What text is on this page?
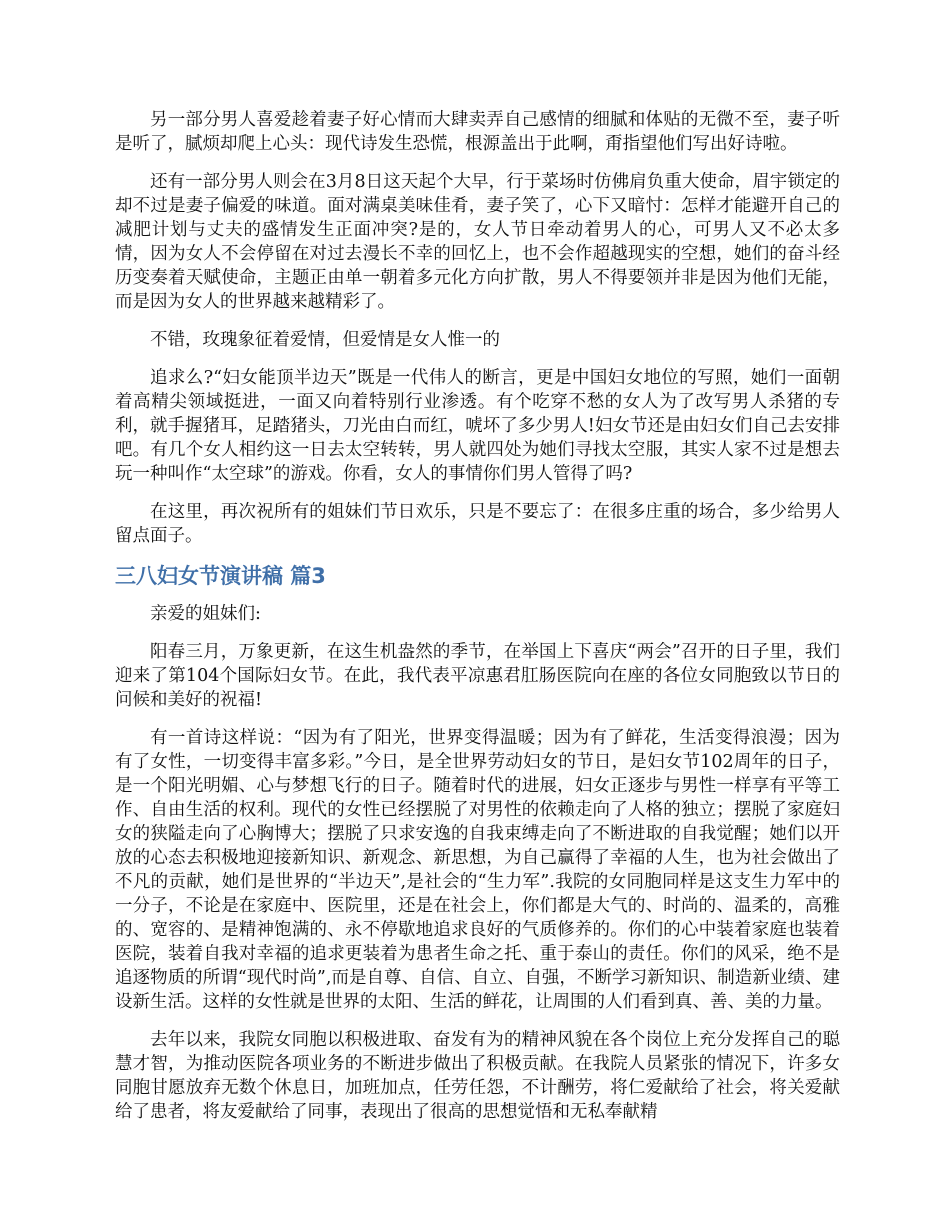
另一部分男人喜爱趁着妻子好心情而大肆卖弄自己感情的细腻和体贴的无微不至，妻子听是听了，腻烦却爬上心头：现代诗发生恐慌，根源盖出于此啊，甭指望他们写出好诗啦。

还有一部分男人则会在3月8日这天起个大早，行于菜场时仿佛肩负重大使命，眉宇锁定的却不过是妻子偏爱的味道。面对满桌美味佳肴，妻子笑了，心下又暗忖：怎样才能避开自己的减肥计划与丈夫的盛情发生正面冲突?是的，女人节日牵动着男人的心，可男人又不必太多情，因为女人不会停留在对过去漫长不幸的回忆上，也不会作超越现实的空想，她们的奋斗经历变奏着天赋使命，主题正由单一朝着多元化方向扩散，男人不得要领并非是因为他们无能，而是因为女人的世界越来越精彩了。

不错，玫瑰象征着爱情，但爱情是女人惟一的

追求么?“妇女能顶半边天”既是一代伟人的断言，更是中国妇女地位的写照，她们一面朝着高精尖领域挺进，一面又向着特别行业渗透。有个吃穿不愁的女人为了改写男人杀猪的专利，就手握猪耳，足踏猪头，刀光由白而红，唬坏了多少男人!妇女节还是由妇女们自己去安排吧。有几个女人相约这一日去太空转转，男人就四处为她们寻找太空服，其实人家不过是想去玩一种叫作“太空球”的游戏。你看，女人的事情你们男人管得了吗?

在这里，再次祝所有的姐妹们节日欢乐，只是不要忘了：在很多庄重的场合，多少给男人留点面子。

三八妇女节演讲稿 篇3

亲爱的姐妹们:

阳春三月，万象更新，在这生机盎然的季节，在举国上下喜庆“两会”召开的日子里，我们迎来了第104个国际妇女节。在此，我代表平凉惠君肛肠医院向在座的各位女同胞致以节日的问候和美好的祝福!

有一首诗这样说：“因为有了阳光，世界变得温暖；因为有了鲜花，生活变得浪漫；因为有了女性，一切变得丰富多彩。”今日，是全世界劳动妇女的节日，是妇女节102周年的日子，是一个阳光明媚、心与梦想飞行的日子。随着时代的进展，妇女正逐步与男性一样享有平等工作、自由生活的权利。现代的女性已经摆脱了对男性的依赖走向了人格的独立；摆脱了家庭妇女的狭隘走向了心胸博大；摆脱了只求安逸的自我束缚走向了不断进取的自我觉醒；她们以开放的心态去积极地迎接新知识、新观念、新思想，为自己赢得了幸福的人生，也为社会做出了不凡的贡献，她们是世界的“半边天”,是社会的“生力军”.我院的女同胞同样是这支生力军中的一分子，不论是在家庭中、医院里，还是在社会上，你们都是大气的、时尚的、温柔的，高雅的、宽容的、是精神饱满的、永不停歇地追求良好的气质修养的。你们的心中装着家庭也装着医院，装着自我对幸福的追求更装着为患者生命之托、重于泰山的责任。你们的风采，绝不是追逐物质的所谓“现代时尚”,而是自尊、自信、自立、自强，不断学习新知识、制造新业绩、建设新生活。这样的女性就是世界的太阳、生活的鲜花，让周围的人们看到真、善、美的力量。

去年以来，我院女同胞以积极进取、奋发有为的精神风貌在各个岗位上充分发挥自己的聪慧才智，为推动医院各项业务的不断进步做出了积极贡献。在我院人员紧张的情况下，许多女同胞甘愿放弃无数个休息日，加班加点，任劳任怨，不计酬劳，将仁爱献给了社会，将关爱献给了患者，将友爱献给了同事，表现出了很高的思想觉悟和无私奉献精
